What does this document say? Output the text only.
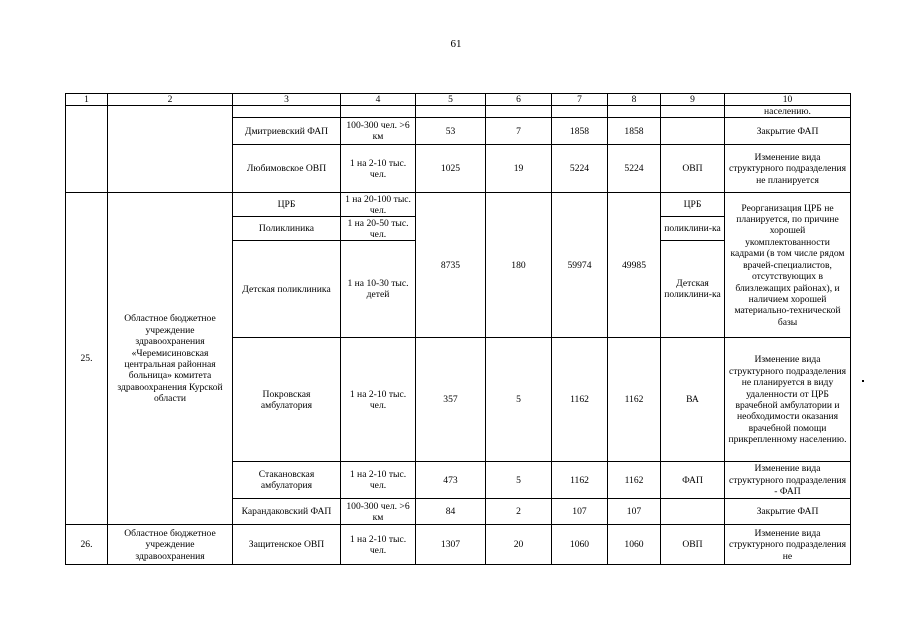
61
1	2	3	4	5	6	7	8	9	10
									населению.
		Дмитриевский ФАП	100-300 чел. >6 км	53	7	1858	1858		Закрытие ФАП
		Любимовское ОВП	1 на 2-10 тыс. чел.	1025	19	5224	5224	ОВП	Изменение вида структурного подразделения не планируется
25.	Областное бюджетное учреждение здравоохранения «Черемисиновская центральная районная больница» комитета здравоохранения Курской области	ЦРБ	1 на 20-100 тыс. чел.	8735	180	59974	49985	ЦРБ	Реорганизация ЦРБ не планируется, по причине хорошей укомплектованности кадрами (в том числе рядом врачей-специалистов, отсутствующих в близлежащих районах), и наличием хорошей материально-технической базы
		Поликлиника	1 на 20-50 тыс. чел.					поликлини-ка	
		Детская поликлиника	1 на 10-30 тыс. детей					Детская поликлини-ка	
		Покровская амбулатория	1 на 2-10 тыс. чел.	357	5	1162	1162	ВА	Изменение вида структурного подразделения не планируется в виду удаленности от ЦРБ врачебной амбулатории и необходимости оказания врачебной помощи прикрепленному населению.
		Стакановская амбулатория	1 на 2-10 тыс. чел.	473	5	1162	1162	ФАП	Изменение вида структурного подразделения - ФАП
		Карандаковский ФАП	100-300 чел. >6 км	84	2	107	107		Закрытие ФАП
26.	Областное бюджетное учреждение здравоохранения	Защитенское ОВП	1 на 2-10 тыс. чел.	1307	20	1060	1060	ОВП	Изменение вида структурного подразделения не
